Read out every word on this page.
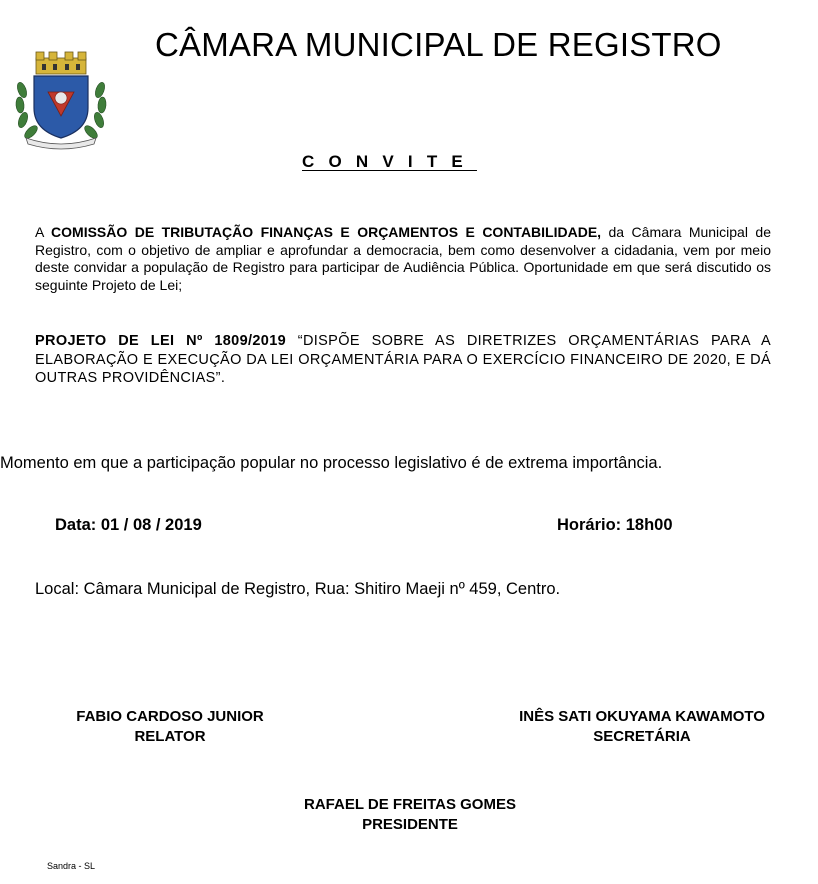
CÂMARA MUNICIPAL DE REGISTRO
CONVITE
A COMISSÃO DE TRIBUTAÇÃO FINANÇAS E ORÇAMENTOS E CONTABILIDADE, da Câmara Municipal de Registro, com o objetivo de ampliar e aprofundar a democracia, bem como desenvolver a cidadania, vem por meio deste convidar a população de Registro para participar de Audiência Pública. Oportunidade em que será discutido os seguinte Projeto de Lei;
PROJETO DE LEI Nº 1809/2019 “DISPÕE SOBRE AS DIRETRIZES ORÇAMENTÁRIAS PARA A ELABORAÇÃO E EXECUÇÃO DA LEI ORÇAMENTÁRIA PARA O EXERCÍCIO FINANCEIRO DE 2020, E DÁ OUTRAS PROVIDÊNCIAS”.
Momento em que a participação popular no processo legislativo é de extrema importância.
Data: 01 / 08 / 2019	Horário: 18h00
Local: Câmara Municipal de Registro, Rua: Shitiro Maeji nº 459, Centro.
FABIO CARDOSO JUNIOR
RELATOR
INÊS SATI OKUYAMA KAWAMOTO
SECRETÁRIA
RAFAEL DE FREITAS GOMES
PRESIDENTE
Sandra - SL
